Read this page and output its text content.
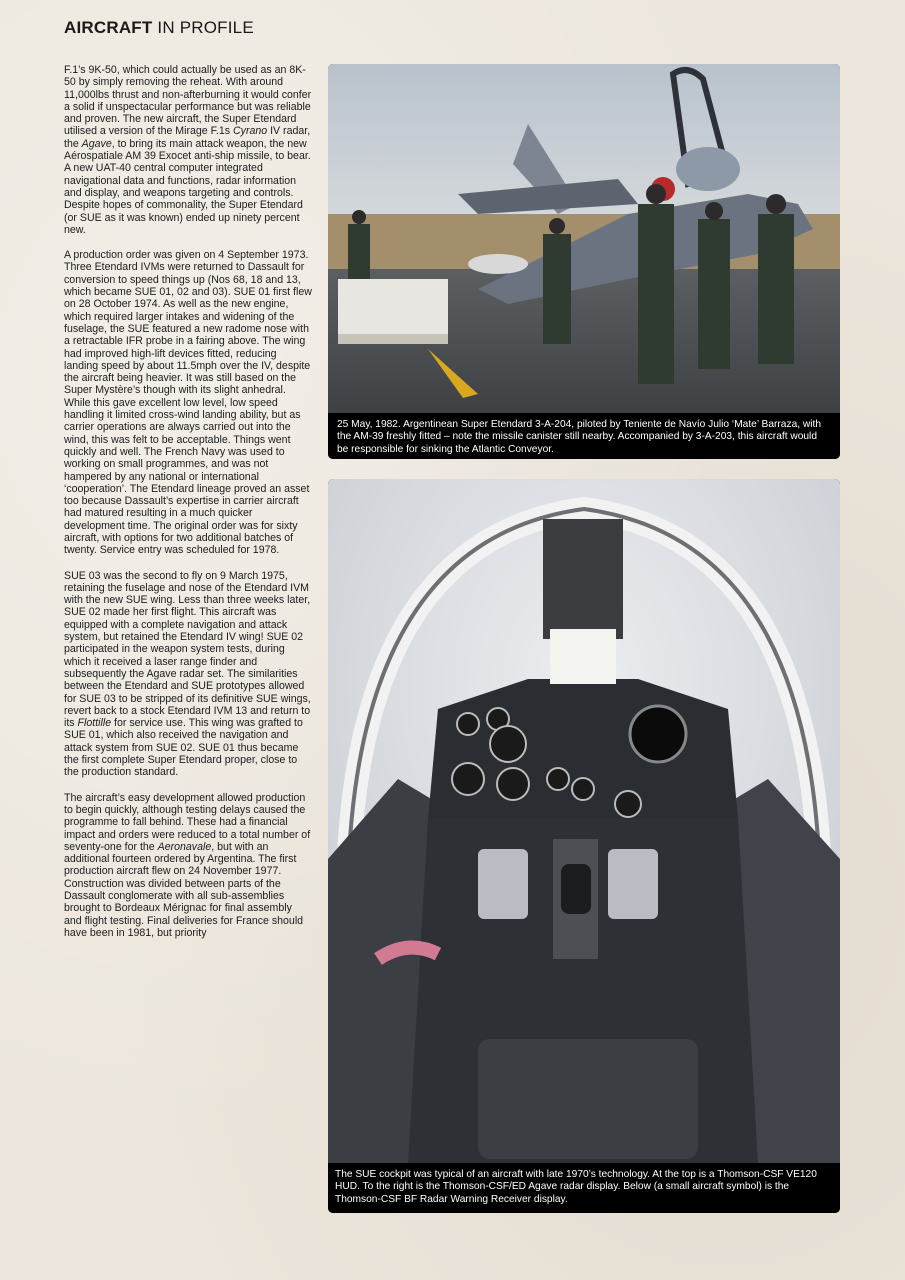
AIRCRAFT IN PROFILE

F.1’s 9K-50, which could actually be used as an 8K-50 by simply removing the reheat. With around 11,000lbs thrust and non-afterburning it would confer a solid if unspectacular performance but was reliable and proven. The new aircraft, the Super Etendard utilised a version of the Mirage F.1s Cyrano IV radar, the Agave, to bring its main attack weapon, the new Aérospatiale AM 39 Exocet anti-ship missile, to bear. A new UAT-40 central computer integrated navigational data and functions, radar information and display, and weapons targeting and controls. Despite hopes of commonality, the Super Etendard (or SUE as it was known) ended up ninety percent new.

A production order was given on 4 September 1973. Three Etendard IVMs were returned to Dassault for conversion to speed things up (Nos 68, 18 and 13, which became SUE 01, 02 and 03). SUE 01 first flew on 28 October 1974. As well as the new engine, which required larger intakes and widening of the fuselage, the SUE featured a new radome nose with a retractable IFR probe in a fairing above. The wing had improved high-lift devices fitted, reducing landing speed by about 11.5mph over the IV, despite the aircraft being heavier. It was still based on the Super Mystère’s though with its slight anhedral. While this gave excellent low level, low speed handling it limited cross-wind landing ability, but as carrier operations are always carried out into the wind, this was felt to be acceptable. Things went quickly and well. The French Navy was used to working on small programmes, and was not hampered by any national or international ‘cooperation’. The Etendard lineage proved an asset too because Dassault’s expertise in carrier aircraft had matured resulting in a much quicker development time. The original order was for sixty aircraft, with options for two additional batches of twenty. Service entry was scheduled for 1978.

SUE 03 was the second to fly on 9 March 1975, retaining the fuselage and nose of the Etendard IVM with the new SUE wing. Less than three weeks later, SUE 02 made her first flight. This aircraft was equipped with a complete navigation and attack system, but retained the Etendard IV wing! SUE 02 participated in the weapon system tests, during which it received a laser range finder and subsequently the Agave radar set. The similarities between the Etendard and SUE prototypes allowed for SUE 03 to be stripped of its definitive SUE wings, revert back to a stock Etendard IVM 13 and return to its Flottille for service use. This wing was grafted to SUE 01, which also received the navigation and attack system from SUE 02. SUE 01 thus became the first complete Super Etendard proper, close to the production standard.

The aircraft’s easy development allowed production to begin quickly, although testing delays caused the programme to fall behind. These had a financial impact and orders were reduced to a total number of seventy-one for the Aeronavale, but with an additional fourteen ordered by Argentina. The first production aircraft flew on 24 November 1977. Construction was divided between parts of the Dassault conglomerate with all sub-assemblies brought to Bordeaux Mérignac for final assembly and flight testing. Final deliveries for France should have been in 1981, but priority

25 May, 1982. Argentinean Super Etendard 3-A-204, piloted by Teniente de Navío Julio ‘Mate’ Barraza, with the AM-39 freshly fitted – note the missile canister still nearby. Accompanied by 3-A-203, this aircraft would be responsible for sinking the Atlantic Conveyor.
The SUE cockpit was typical of an aircraft with late 1970’s technology. At the top is a Thomson-CSF VE120 HUD. To the right is the Thomson-CSF/ED Agave radar display. Below (a small aircraft symbol) is the Thomson-CSF BF Radar Warning Receiver display.
